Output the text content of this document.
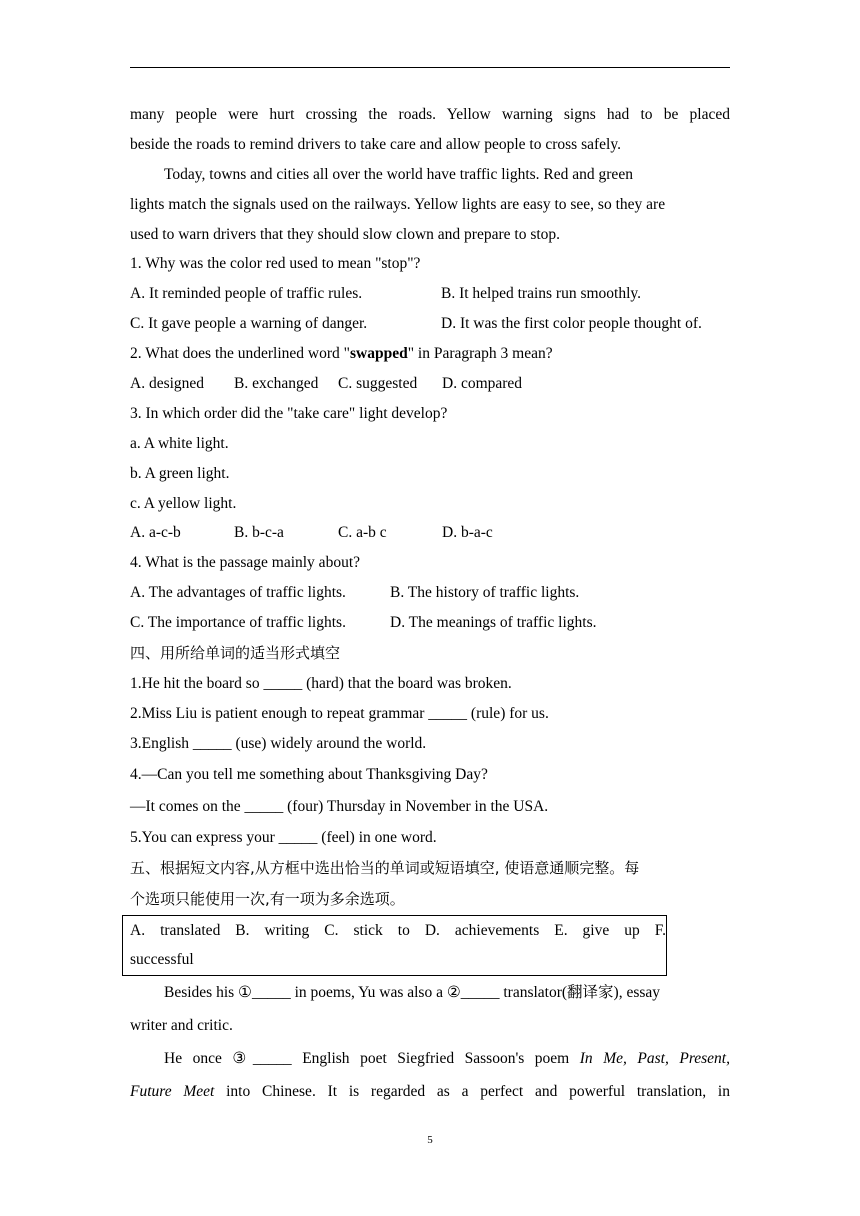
many people were hurt crossing the roads. Yellow warning signs had to be placed
beside the roads to remind drivers to take care and allow people to cross safely.
Today, towns and cities all over the world have traffic lights. Red and green
lights match the signals used on the railways. Yellow lights are easy to see, so they are
used to warn drivers that they should slow clown and prepare to stop.
1. Why was the color red used to mean "stop"?
A. It reminded people of traffic rules.	B. It helped trains run smoothly.
C. It gave people a warning of danger.	D. It was the first color people thought of.
2. What does the underlined word "swapped" in Paragraph 3 mean?
A. designed B. exchanged C. suggested D. compared
3. In which order did the "take care" light develop?
a. A white light.
b. A green light.
c. A yellow light.
A. a-c-b	B. b-c-a	C. a-b c	D. b-a-c
4. What is the passage mainly about?
A. The advantages of traffic lights.	B. The history of traffic lights.
C. The importance of traffic lights.	D. The meanings of traffic lights.
四、用所给单词的适当形式填空
1.He hit the board so _____ (hard) that the board was broken.
2.Miss Liu is patient enough to repeat grammar _____ (rule) for us.
3.English _____ (use) widely around the world.
4.—Can you tell me something about Thanksgiving Day?
—It comes on the _____ (four) Thursday in November in the USA.
5.You can express your _____ (feel) in one word.
五、根据短文内容,从方框中选出恰当的单词或短语填空, 使语意通顺完整。每
个选项只能使用一次,有一项为多余选项。
A. translated B. writing C. stick to D. achievements E. give up F.
successful
Besides his ①_____ in poems, Yu was also a ②_____ translator(翻译家), essay
writer and critic.
He once ③_____ English poet Siegfried Sassoon's poem In Me, Past, Present,
Future Meet into Chinese. It is regarded as a perfect and powerful translation, in
5
